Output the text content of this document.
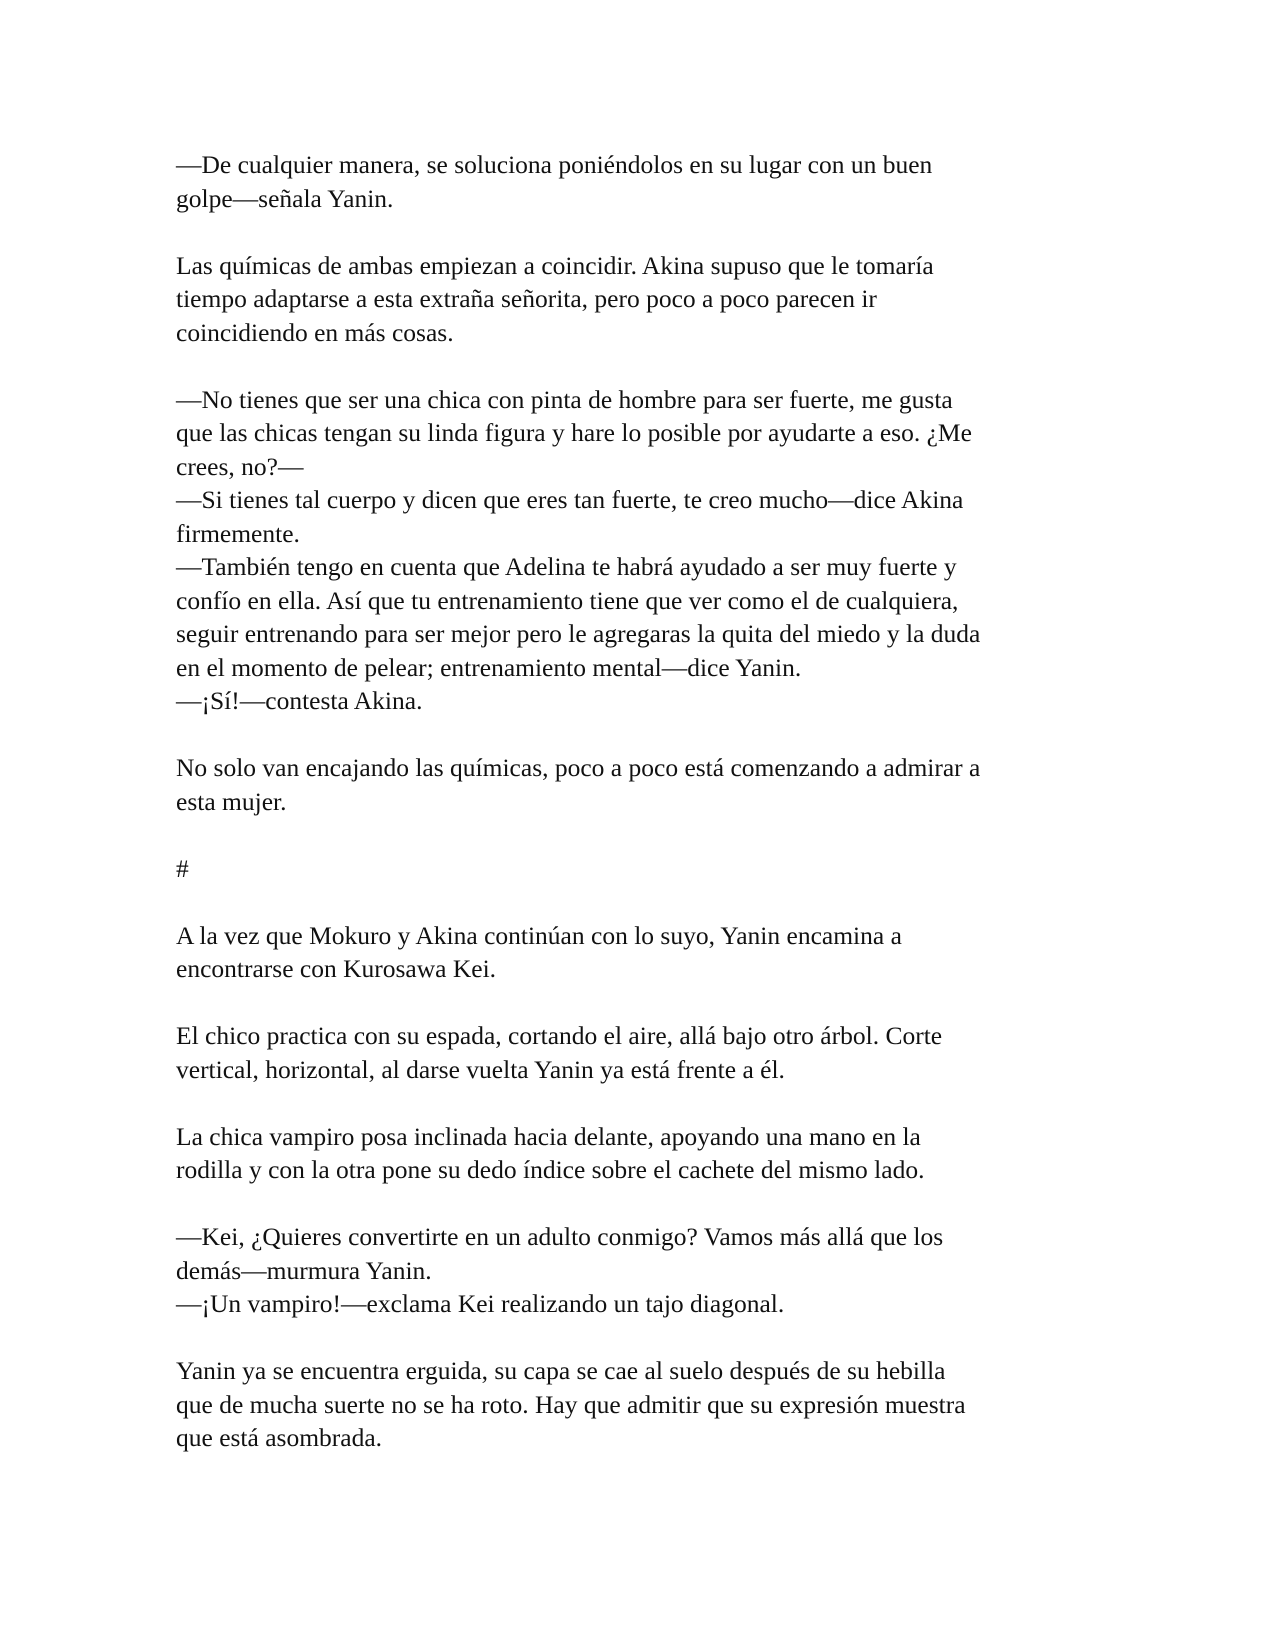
—De cualquier manera, se soluciona poniéndolos en su lugar con un buen
golpe—señala Yanin.

Las químicas de ambas empiezan a coincidir. Akina supuso que le tomaría
tiempo adaptarse a esta extraña señorita, pero poco a poco parecen ir
coincidiendo en más cosas.

—No tienes que ser una chica con pinta de hombre para ser fuerte, me gusta
que las chicas tengan su linda figura y hare lo posible por ayudarte a eso. ¿Me
crees, no?—
—Si tienes tal cuerpo y dicen que eres tan fuerte, te creo mucho—dice Akina
firmemente.
—También tengo en cuenta que Adelina te habrá ayudado a ser muy fuerte y
confío en ella. Así que tu entrenamiento tiene que ver como el de cualquiera,
seguir entrenando para ser mejor pero le agregaras la quita del miedo y la duda
en el momento de pelear; entrenamiento mental—dice Yanin.
—¡Sí!—contesta Akina.

No solo van encajando las químicas, poco a poco está comenzando a admirar a
esta mujer.

#

A la vez que Mokuro y Akina continúan con lo suyo, Yanin encamina a
encontrarse con Kurosawa Kei.

El chico practica con su espada, cortando el aire, allá bajo otro árbol. Corte
vertical, horizontal, al darse vuelta Yanin ya está frente a él.

La chica vampiro posa inclinada hacia delante, apoyando una mano en la
rodilla y con la otra pone su dedo índice sobre el cachete del mismo lado.

—Kei, ¿Quieres convertirte en un adulto conmigo? Vamos más allá que los
demás—murmura Yanin.
—¡Un vampiro!—exclama Kei realizando un tajo diagonal.

Yanin ya se encuentra erguida, su capa se cae al suelo después de su hebilla
que de mucha suerte no se ha roto. Hay que admitir que su expresión muestra
que está asombrada.
